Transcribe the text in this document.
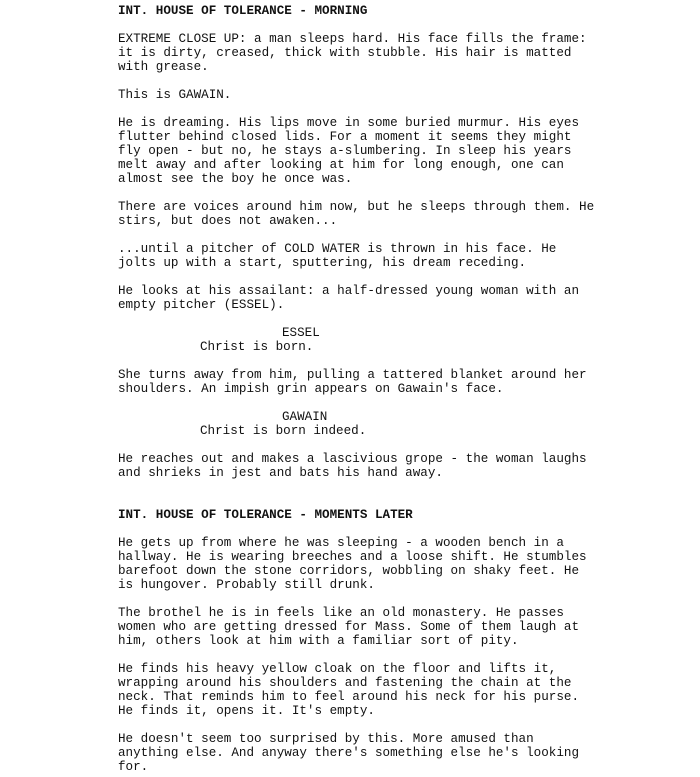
INT. HOUSE OF TOLERANCE - MORNING

EXTREME CLOSE UP: a man sleeps hard. His face fills the frame:
it is dirty, creased, thick with stubble. His hair is matted
with grease.

This is GAWAIN.

He is dreaming. His lips move in some buried murmur. His eyes
flutter behind closed lids. For a moment it seems they might
fly open - but no, he stays a-slumbering. In sleep his years
melt away and after looking at him for long enough, one can
almost see the boy he once was.

There are voices around him now, but he sleeps through them. He
stirs, but does not awaken...

...until a pitcher of COLD WATER is thrown in his face. He
jolts up with a start, sputtering, his dream receding.

He looks at his assailant: a half-dressed young woman with an
empty pitcher (ESSEL).

ESSEL

Christ is born.

She turns away from him, pulling a tattered blanket around her
shoulders. An impish grin appears on Gawain's face.

GAWAIN

Christ is born indeed.

He reaches out and makes a lascivious grope - the woman laughs
and shrieks in jest and bats his hand away.

INT. HOUSE OF TOLERANCE - MOMENTS LATER

He gets up from where he was sleeping - a wooden bench in a
hallway. He is wearing breeches and a loose shift. He stumbles
barefoot down the stone corridors, wobbling on shaky feet. He
is hungover. Probably still drunk.

The brothel he is in feels like an old monastery. He passes
women who are getting dressed for Mass. Some of them laugh at
him, others look at him with a familiar sort of pity.

He finds his heavy yellow cloak on the floor and lifts it,
wrapping around his shoulders and fastening the chain at the
neck. That reminds him to feel around his neck for his purse.
He finds it, opens it. It's empty.

He doesn't seem too surprised by this. More amused than
anything else. And anyway there's something else he's looking
for.
